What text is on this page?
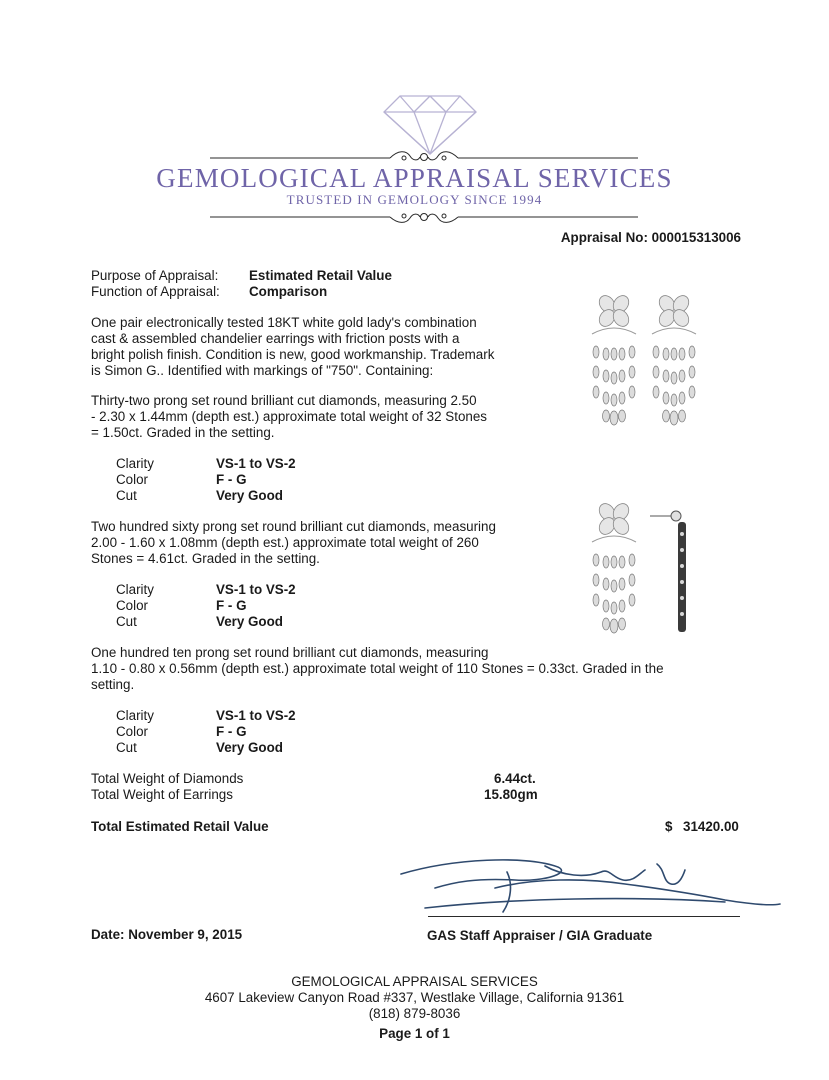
GEMOLOGICAL APPRAISAL SERVICES
TRUSTED IN GEMOLOGY SINCE 1994
Appraisal No: 000015313006
Purpose of Appraisal: Estimated Retail Value
Function of Appraisal: Comparison
One pair electronically tested 18KT white gold lady's combination
cast & assembled chandelier earrings with friction posts with a
bright polish finish. Condition is new, good workmanship. Trademark
is Simon G.. Identified with markings of "750". Containing:
Thirty-two prong set round brilliant cut diamonds, measuring 2.50
- 2.30 x 1.44mm (depth est.) approximate total weight of 32 Stones
= 1.50ct. Graded in the setting.
Clarity	VS-1 to VS-2
Color	F - G
Cut	Very Good
Two hundred sixty prong set round brilliant cut diamonds, measuring
2.00 - 1.60 x 1.08mm (depth est.) approximate total weight of 260
Stones = 4.61ct. Graded in the setting.
Clarity	VS-1 to VS-2
Color	F - G
Cut	Very Good
One hundred ten prong set round brilliant cut diamonds, measuring
1.10 - 0.80 x 0.56mm (depth est.) approximate total weight of 110 Stones = 0.33ct. Graded in the
setting.
Clarity	VS-1 to VS-2
Color	F - G
Cut	Very Good
Total Weight of Diamonds	6.44ct.
Total Weight of Earrings	15.80gm
Total Estimated Retail Value	$ 31420.00
Date: November 9, 2015	GAS Staff Appraiser / GIA Graduate
GEMOLOGICAL APPRAISAL SERVICES
4607 Lakeview Canyon Road #337, Westlake Village, California 91361
(818) 879-8036
Page 1 of 1
